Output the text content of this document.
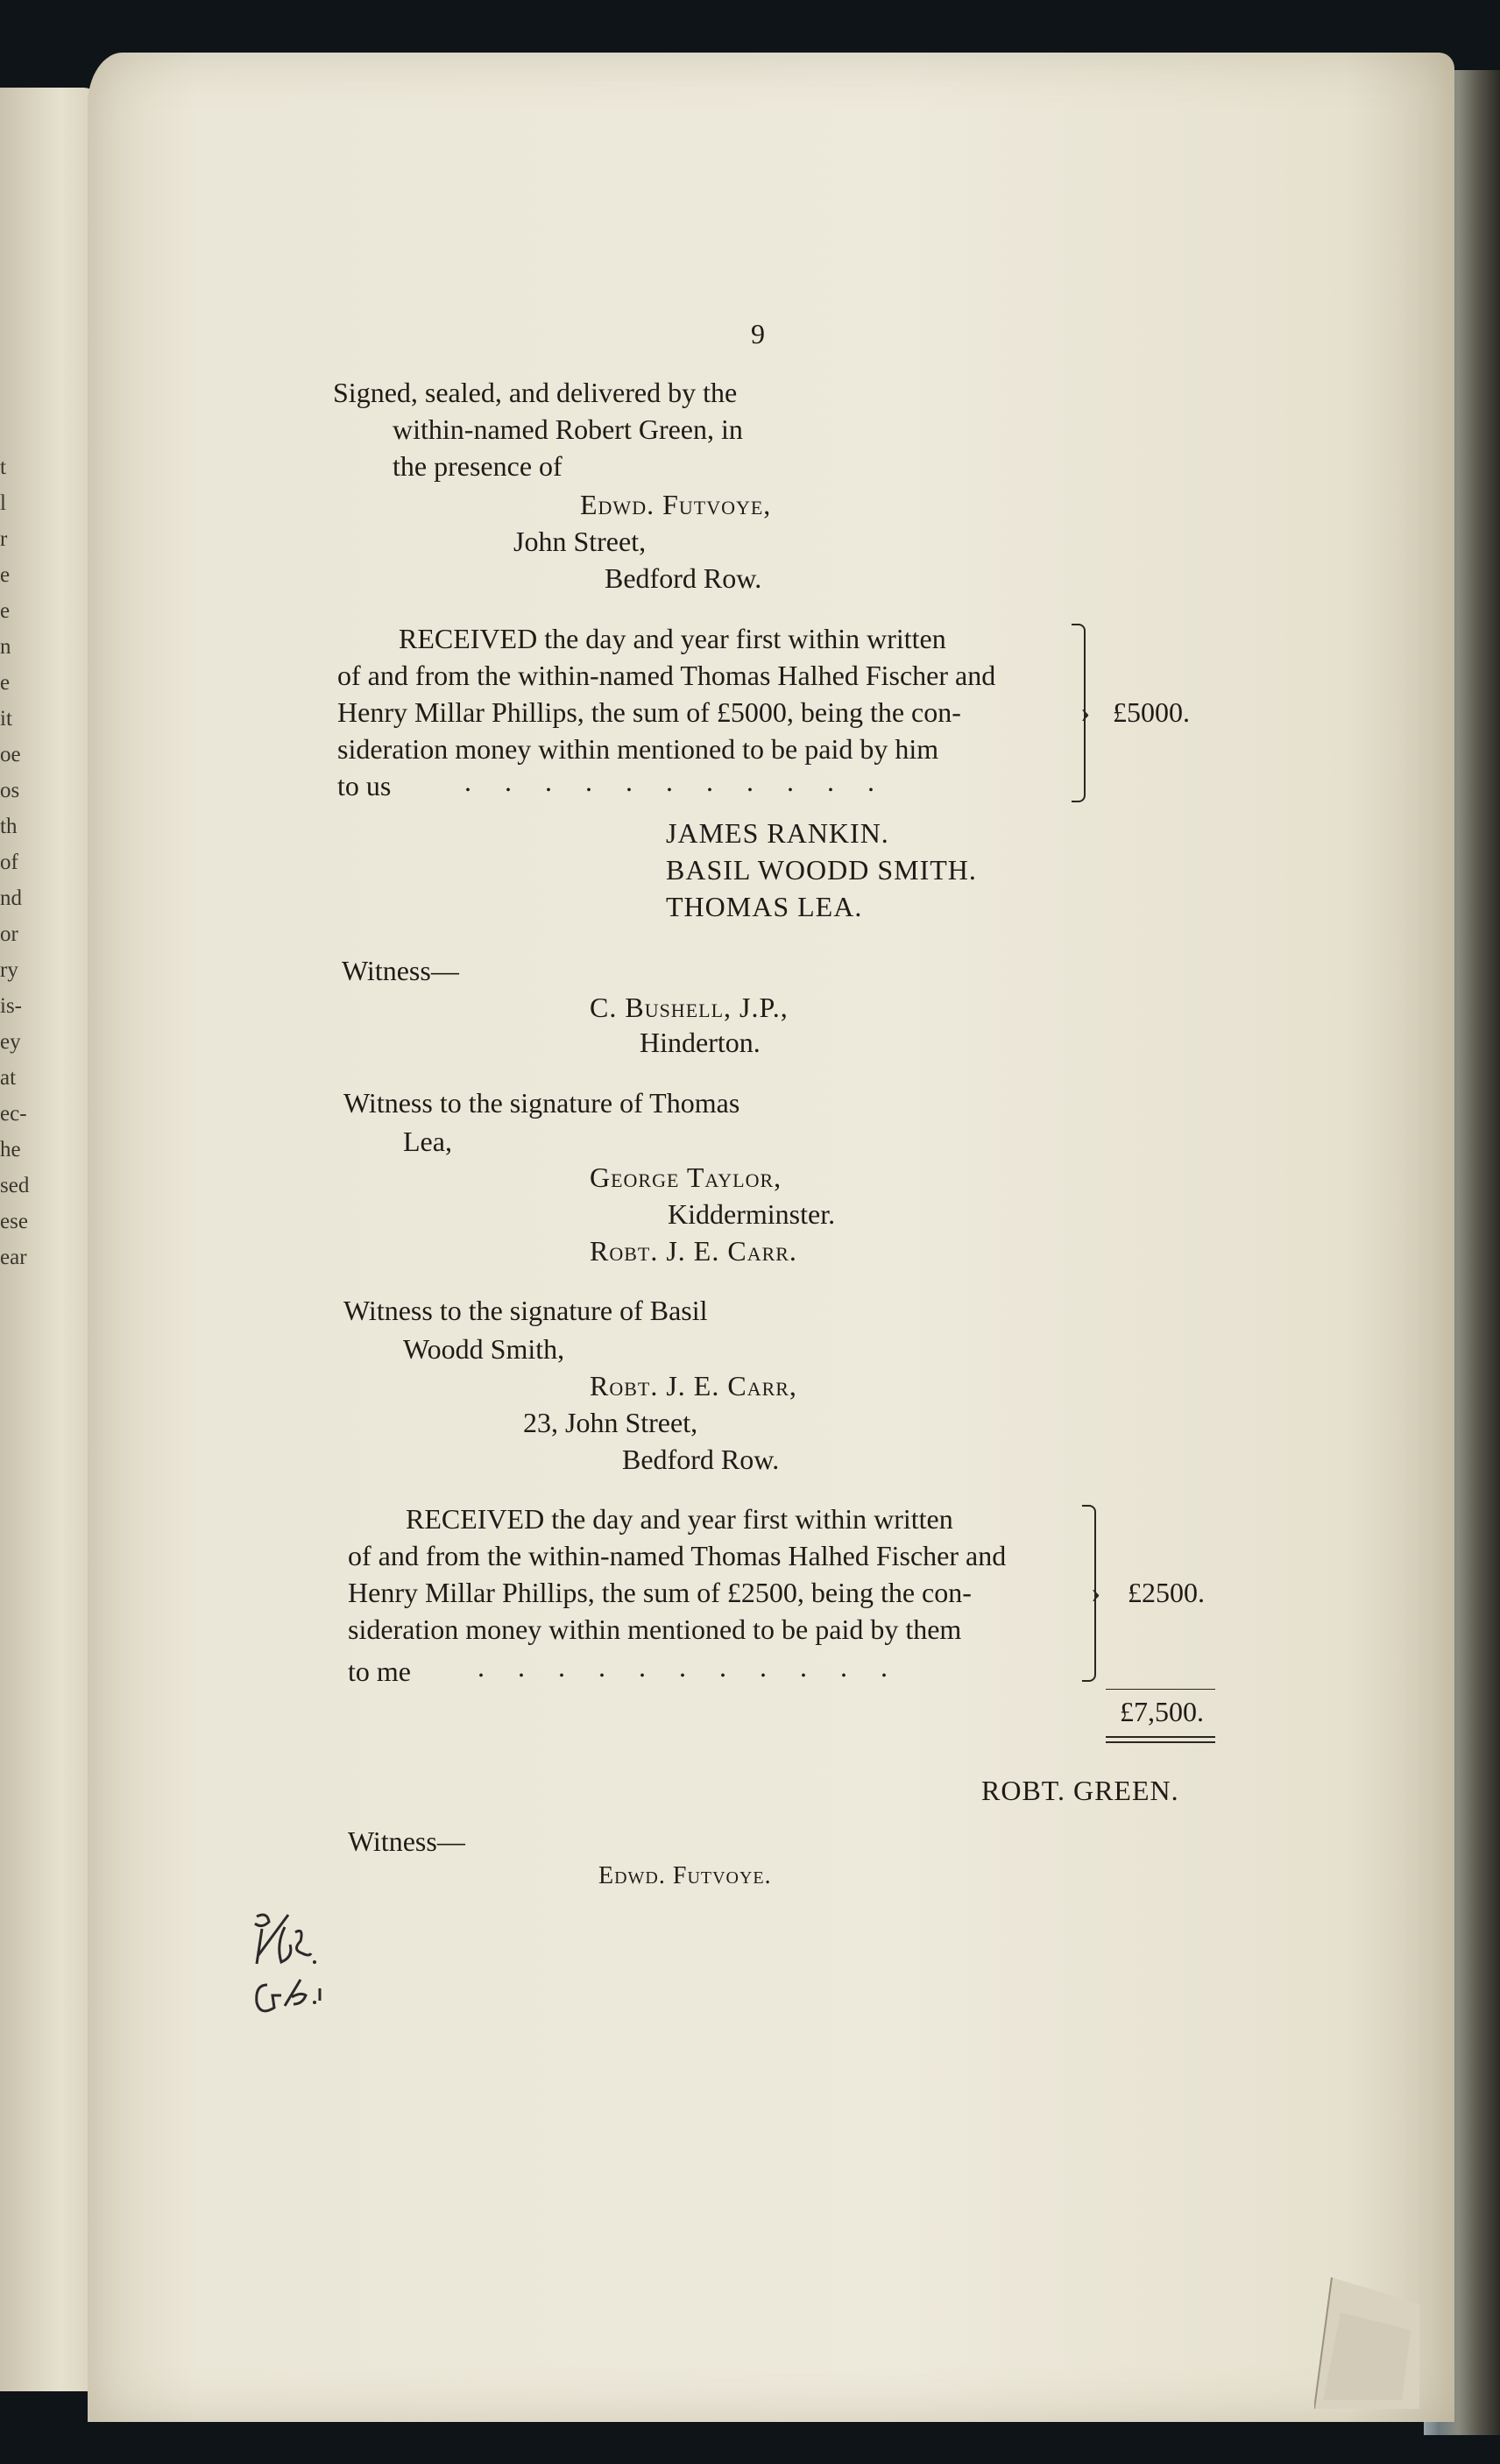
t
l
r
e
e
n
e
it
oe
os
th
of
nd
or
ry
is-
ey
at
ec-
he
sed
ese
ear
9
Signed, sealed, and delivered by the
within-named Robert Green, in
the presence of
Edwd. Futvoye,
John Street,
Bedford Row.
RECEIVED the day and year first within written
of and from the within-named Thomas Halhed Fischer and
Henry Millar Phillips, the sum of £5000, being the con-
sideration money within mentioned to be paid by him
to us	...........
› £5000.
JAMES RANKIN.
BASIL WOODD SMITH.
THOMAS LEA.
Witness—
C. Bushell, J.P.,
Hinderton.
Witness to the signature of Thomas
Lea,
George Taylor,
Kidderminster.
Robt. J. E. Carr.
Witness to the signature of Basil
Woodd Smith,
Robt. J. E. Carr,
23, John Street,
Bedford Row.
RECEIVED the day and year first within written
of and from the within-named Thomas Halhed Fischer and
Henry Millar Phillips, the sum of £2500, being the con-
sideration money within mentioned to be paid by them
to me ...........
› £2500.
£7,500.
ROBT. GREEN.
Witness—
Edwd. Futvoye.
